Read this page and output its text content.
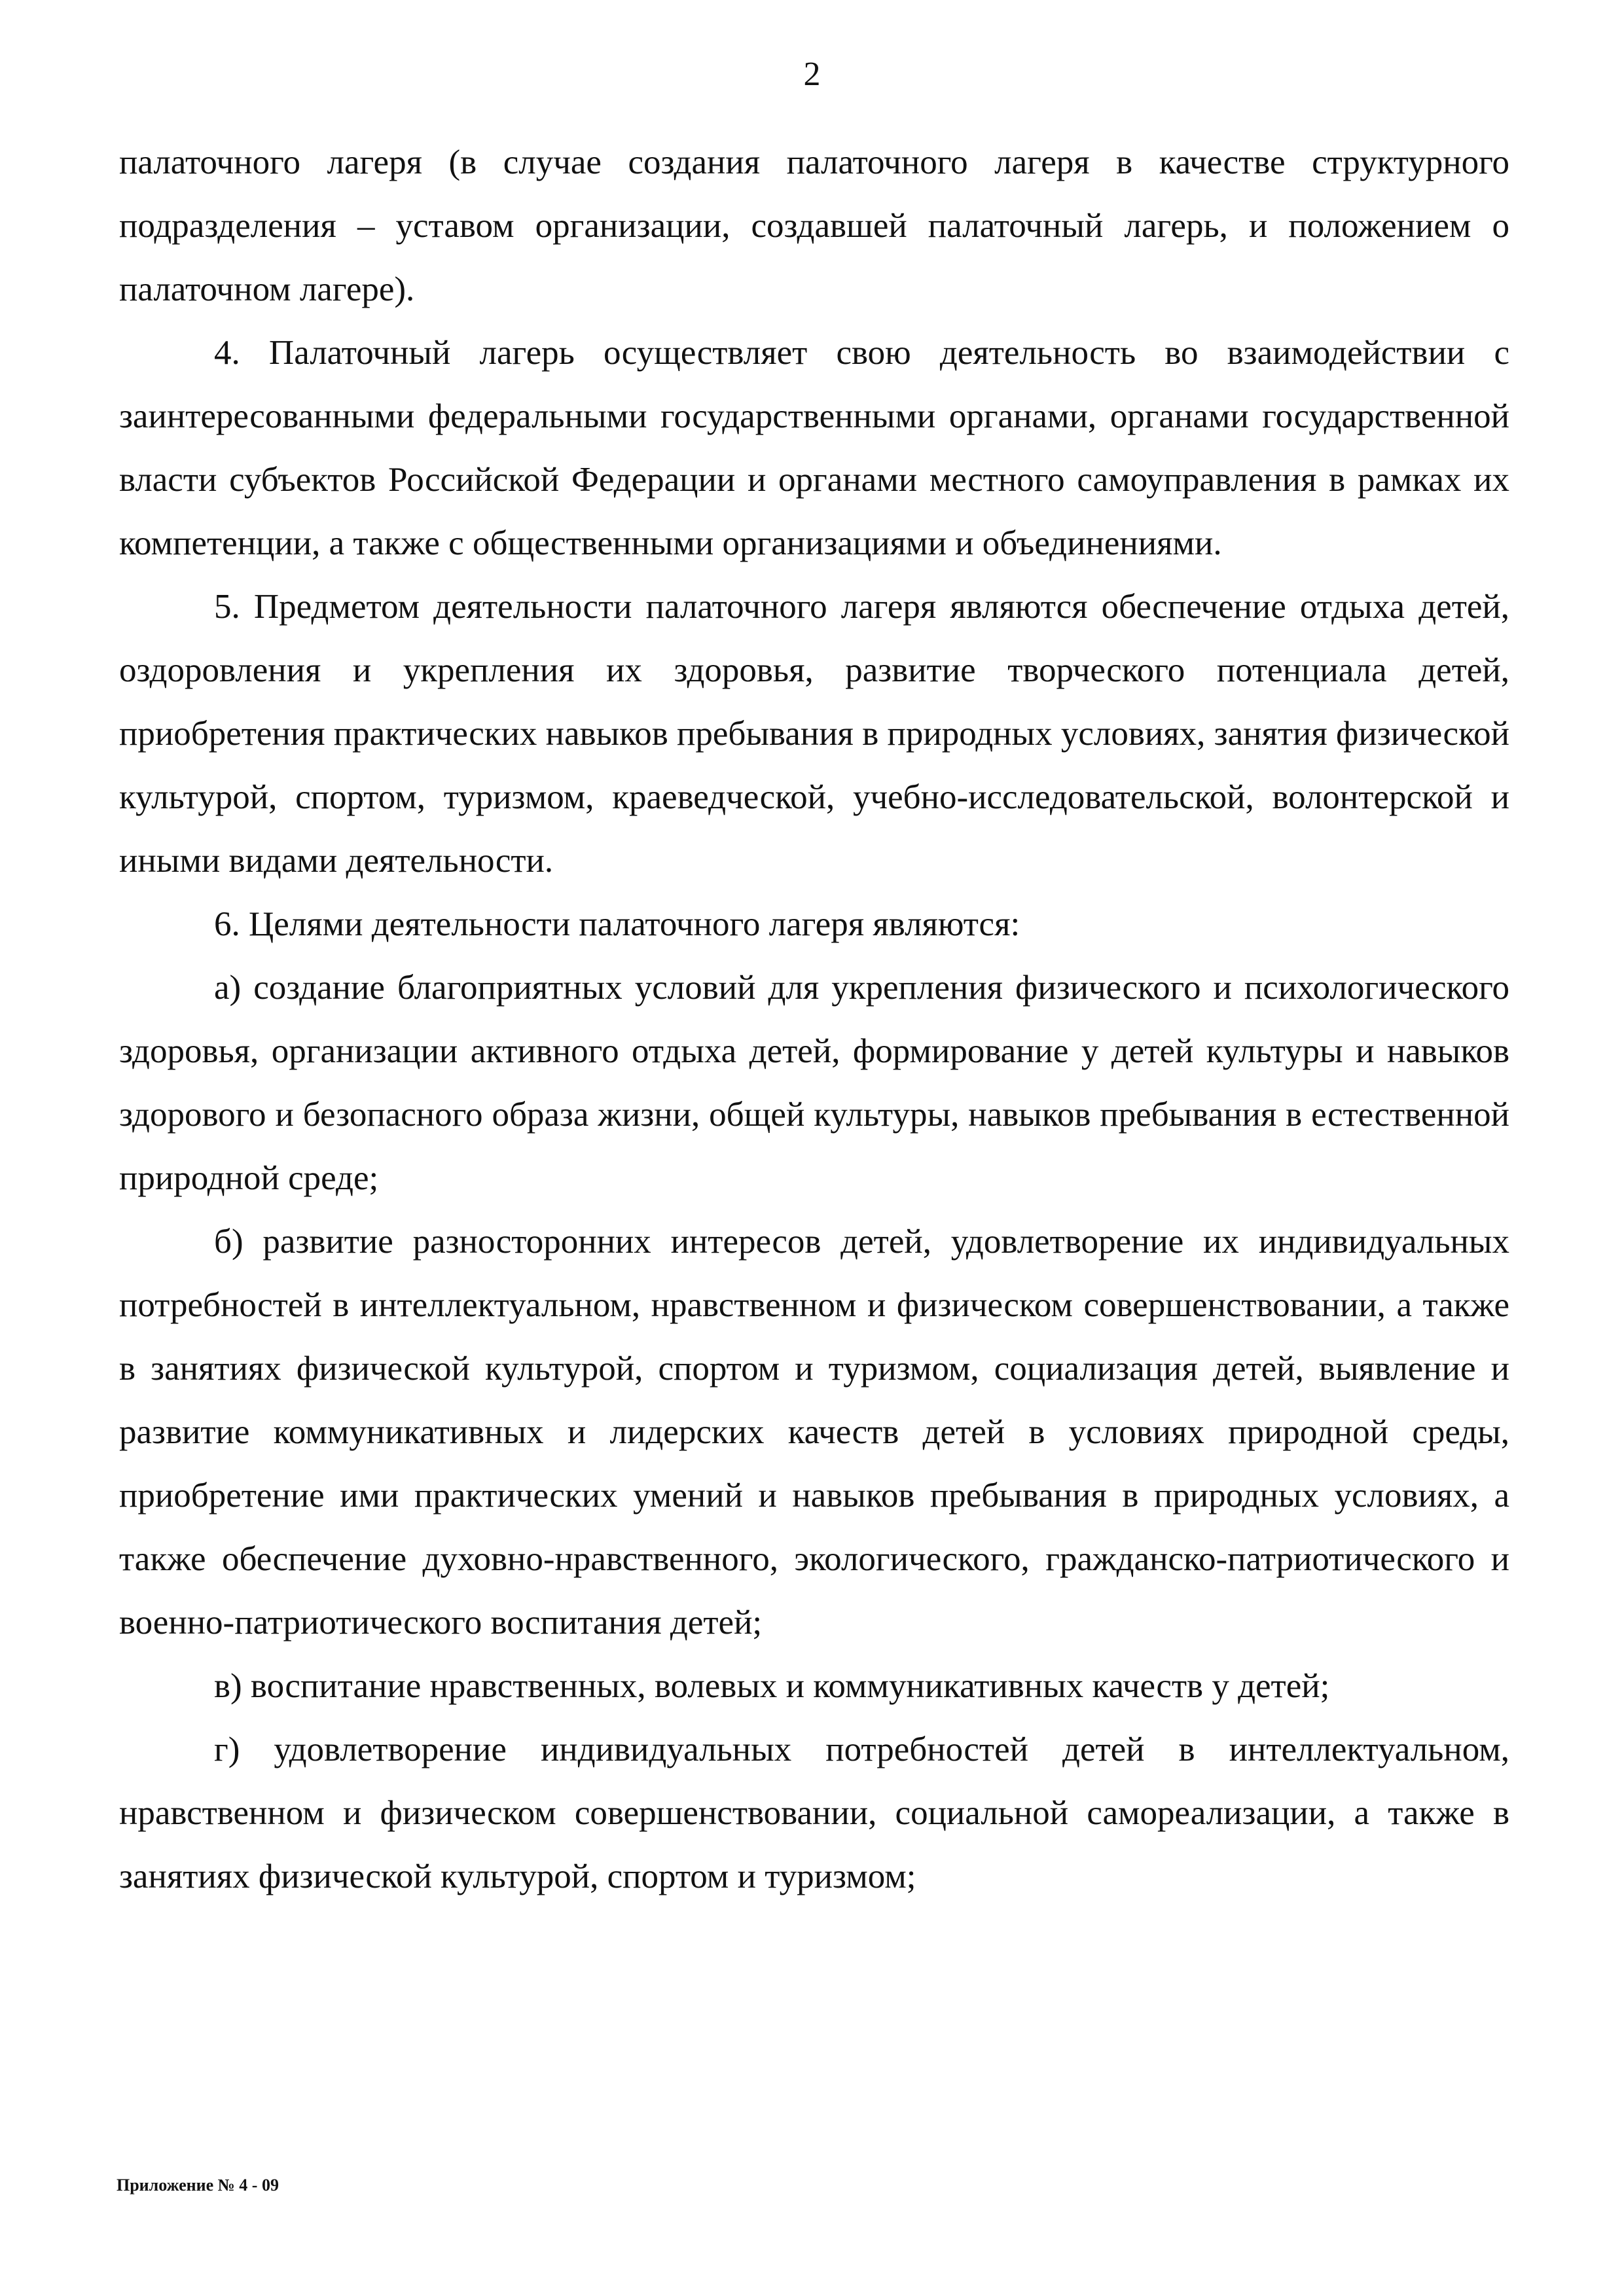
2

палаточного лагеря (в случае создания палаточного лагеря в качестве структурного подразделения – уставом организации, создавшей палаточный лагерь, и положением о палаточном лагере).

4. Палаточный лагерь осуществляет свою деятельность во взаимодействии с заинтересованными федеральными государственными органами, органами государственной власти субъектов Российской Федерации и органами местного самоуправления в рамках их компетенции, а также с общественными организациями и объединениями.

5. Предметом деятельности палаточного лагеря являются обеспечение отдыха детей, оздоровления и укрепления их здоровья, развитие творческого потенциала детей, приобретения практических навыков пребывания в природных условиях, занятия физической культурой, спортом, туризмом, краеведческой, учебно-исследовательской, волонтерской и иными видами деятельности.

6. Целями деятельности палаточного лагеря являются:

а) создание благоприятных условий для укрепления физического и психологического здоровья, организации активного отдыха детей, формирование у детей культуры и навыков здорового и безопасного образа жизни, общей культуры, навыков пребывания в естественной природной среде;

б) развитие разносторонних интересов детей, удовлетворение их индивидуальных потребностей в интеллектуальном, нравственном и физическом совершенствовании, а также в занятиях физической культурой, спортом и туризмом, социализация детей, выявление и развитие коммуникативных и лидерских качеств детей в условиях природной среды, приобретение ими практических умений и навыков пребывания в природных условиях, а также обеспечение духовно-нравственного, экологического, гражданско-патриотического и военно-патриотического воспитания детей;

в) воспитание нравственных, волевых и коммуникативных качеств у детей;

г) удовлетворение индивидуальных потребностей детей в интеллектуальном, нравственном и физическом совершенствовании, социальной самореализации, а также в занятиях физической культурой, спортом и туризмом;

Приложение № 4 - 09
